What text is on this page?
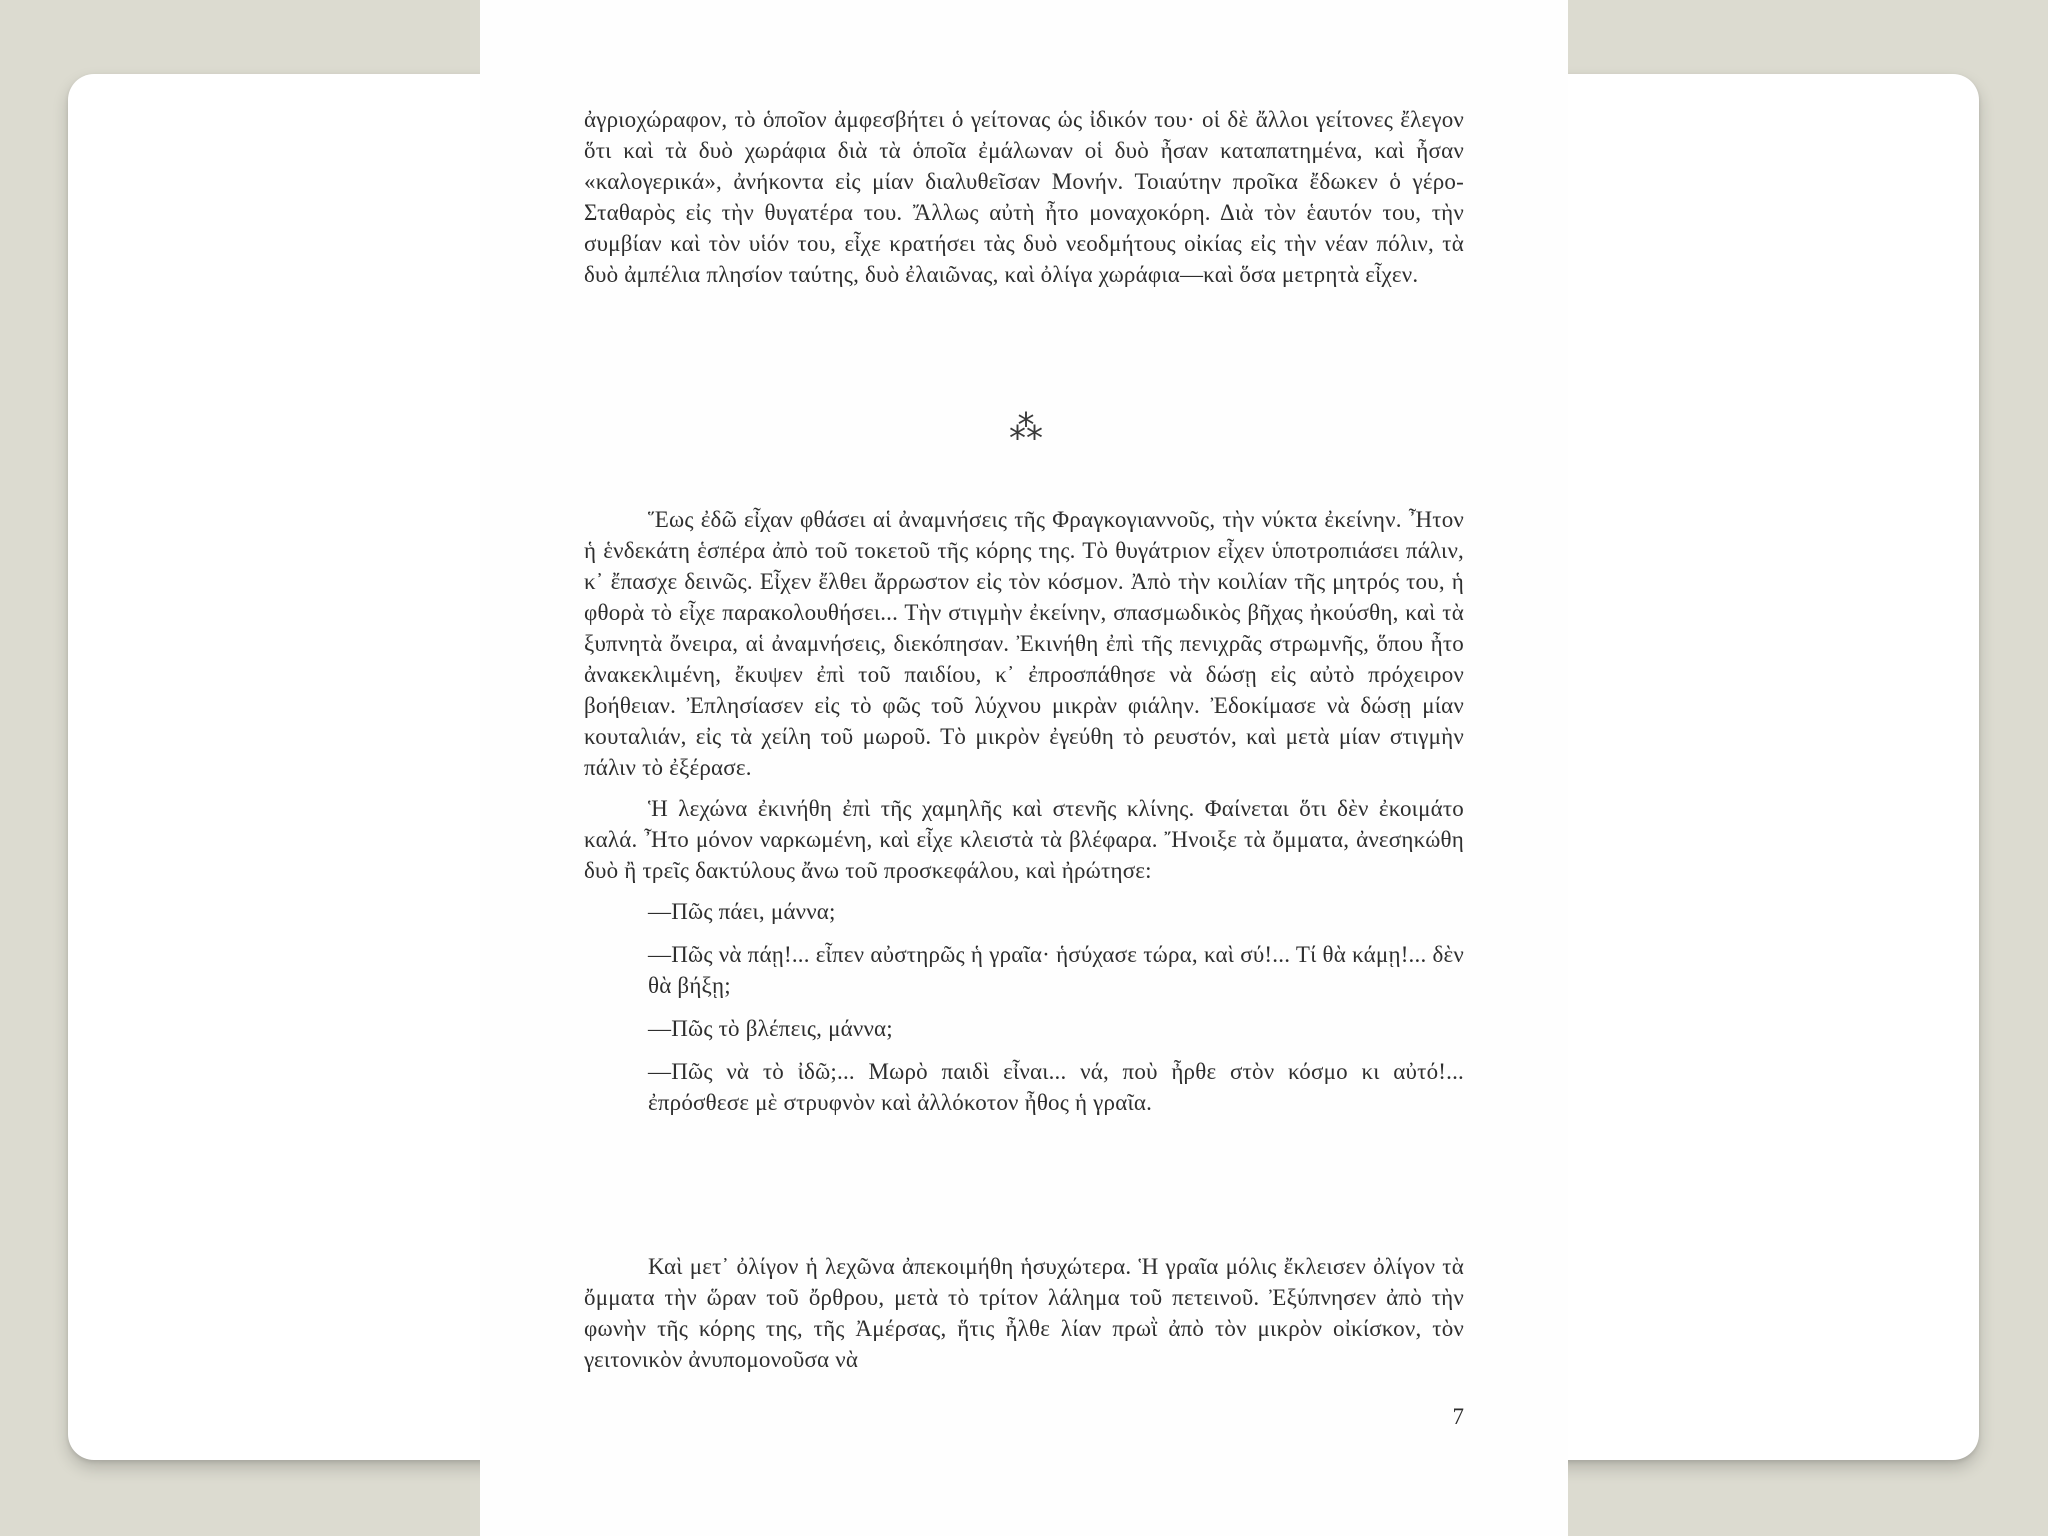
ἀγριοχώραφον, τὸ ὁποῖον ἀμφεσβήτει ὁ γείτονας ὡς ἰδικόν του· οἱ δὲ ἄλλοι γείτονες ἔλεγον ὅτι καὶ τὰ δυὸ χωράφια διὰ τὰ ὁποῖα ἐμάλωναν οἱ δυὸ ἦσαν καταπατημένα, καὶ ἦσαν «καλογερικά», ἀνήκοντα εἰς μίαν διαλυθεῖσαν Μονήν. Τοιαύτην προῖκα ἔδωκεν ὁ γέρο-Σταθαρὸς εἰς τὴν θυγατέρα του. Ἄλλως αὐτὴ ἦτο μοναχοκόρη. Διὰ τὸν ἑαυτόν του, τὴν συμβίαν καὶ τὸν υἱόν του, εἶχε κρατήσει τὰς δυὸ νεοδμήτους οἰκίας εἰς τὴν νέαν πόλιν, τὰ δυὸ ἀμπέλια πλησίον ταύτης, δυὸ ἐλαιῶνας, καὶ ὀλίγα χωράφια—καὶ ὅσα μετρητὰ εἶχεν.

⁂

Ἕως ἐδῶ εἶχαν φθάσει αἱ ἀναμνήσεις τῆς Φραγκογιαννοῦς, τὴν νύκτα ἐκείνην. Ἦτον ἡ ἑνδεκάτη ἑσπέρα ἀπὸ τοῦ τοκετοῦ τῆς κόρης της. Τὸ θυγάτριον εἶχεν ὑποτροπιάσει πάλιν, κ᾽ ἔπασχε δεινῶς. Εἶχεν ἔλθει ἄρρωστον εἰς τὸν κόσμον. Ἀπὸ τὴν κοιλίαν τῆς μητρός του, ἡ φθορὰ τὸ εἶχε παρακολουθήσει... Τὴν στιγμὴν ἐκείνην, σπασμωδικὸς βῆχας ἠκούσθη, καὶ τὰ ξυπνητὰ ὄνειρα, αἱ ἀναμνήσεις, διεκόπησαν. Ἐκινήθη ἐπὶ τῆς πενιχρᾶς στρωμνῆς, ὅπου ἦτο ἀνακεκλιμένη, ἔκυψεν ἐπὶ τοῦ παιδίου, κ᾽ ἐπροσπάθησε νὰ δώσῃ εἰς αὐτὸ πρόχειρον βοήθειαν. Ἐπλησίασεν εἰς τὸ φῶς τοῦ λύχνου μικρὰν φιάλην. Ἐδοκίμασε νὰ δώσῃ μίαν κουταλιάν, εἰς τὰ χείλη τοῦ μωροῦ. Τὸ μικρὸν ἐγεύθη τὸ ρευστόν, καὶ μετὰ μίαν στιγμὴν πάλιν τὸ ἐξέρασε.

Ἡ λεχώνα ἐκινήθη ἐπὶ τῆς χαμηλῆς καὶ στενῆς κλίνης. Φαίνεται ὅτι δὲν ἐκοιμάτο καλά. Ἦτο μόνον ναρκωμένη, καὶ εἶχε κλειστὰ τὰ βλέφαρα. Ἤνοιξε τὰ ὄμματα, ἀνεσηκώθη δυὸ ἢ τρεῖς δακτύλους ἄνω τοῦ προσκεφάλου, καὶ ἠρώτησε:

—Πῶς πάει, μάννα;

—Πῶς νὰ πάῃ!... εἶπεν αὐστηρῶς ἡ γραῖα· ἡσύχασε τώρα, καὶ σύ!... Τί θὰ κάμῃ!... δὲν θὰ βήξῃ;

—Πῶς τὸ βλέπεις, μάννα;

—Πῶς νὰ τὸ ἰδῶ;... Μωρὸ παιδὶ εἶναι... νά, ποὺ ἦρθε στὸν κόσμο κι αὐτό!... ἐπρόσθεσε μὲ στρυφνὸν καὶ ἀλλόκοτον ἦθος ἡ γραῖα.

Καὶ μετ᾽ ὀλίγον ἡ λεχῶνα ἀπεκοιμήθη ἡσυχώτερα. Ἡ γραῖα μόλις ἔκλεισεν ὀλίγον τὰ ὄμματα τὴν ὥραν τοῦ ὄρθρου, μετὰ τὸ τρίτον λάλημα τοῦ πετεινοῦ. Ἐξύπνησεν ἀπὸ τὴν φωνὴν τῆς κόρης της, τῆς Ἀμέρσας, ἥτις ἦλθε λίαν πρωῒ ἀπὸ τὸν μικρὸν οἰκίσκον, τὸν γειτονικὸν ἀνυπομονοῦσα νὰ

7
